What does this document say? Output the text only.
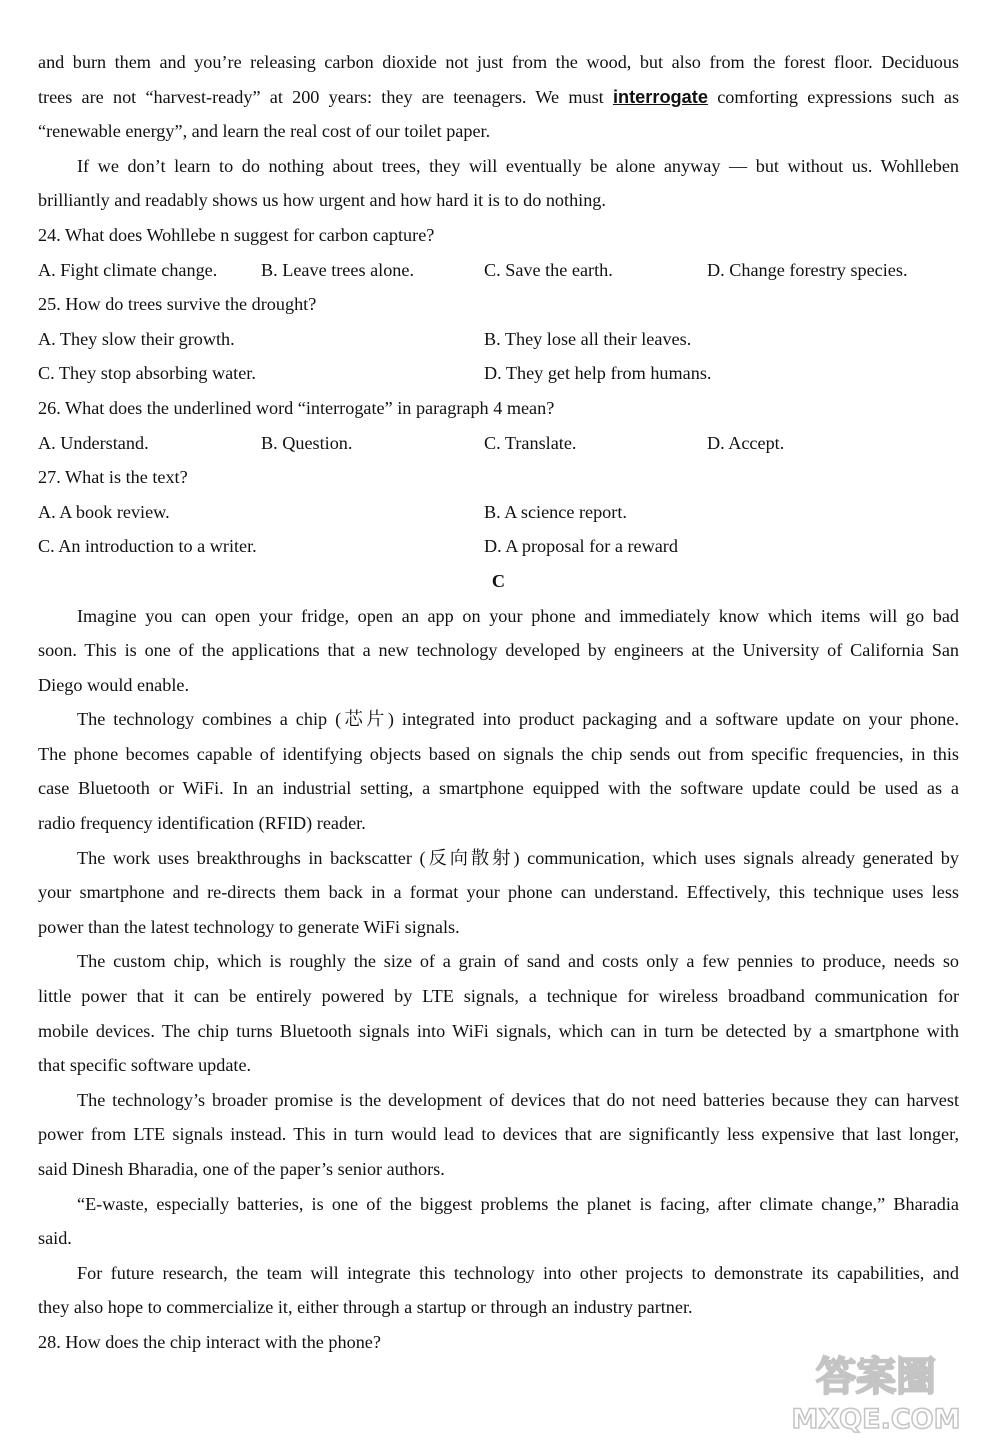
and burn them and you’re releasing carbon dioxide not just from the wood, but also from the forest floor. Deciduous
trees are not “harvest-ready” at 200 years: they are teenagers. We must interrogate comforting expressions such as
“renewable energy”, and learn the real cost of our toilet paper.
If we don’t learn to do nothing about trees, they will eventually be alone anyway — but without us. Wohlleben
brilliantly and readably shows us how urgent and how hard it is to do nothing.
24. What does Wohllebe n suggest for carbon capture?
A. Fight climate change.	B. Leave trees alone.	C. Save the earth.	D. Change forestry species.
25. How do trees survive the drought?
A. They slow their growth.	B. They lose all their leaves.
C. They stop absorbing water.	D. They get help from humans.
26. What does the underlined word “interrogate” in paragraph 4 mean?
A. Understand.	B. Question.	C. Translate.	D. Accept.
27. What is the text?
A. A book review.	B. A science report.
C. An introduction to a writer.	D. A proposal for a reward
C
Imagine you can open your fridge, open an app on your phone and immediately know which items will go bad
soon. This is one of the applications that a new technology developed by engineers at the University of California San
Diego would enable.
The technology combines a chip (芯片) integrated into product packaging and a software update on your phone.
The phone becomes capable of identifying objects based on signals the chip sends out from specific frequencies, in this
case Bluetooth or WiFi. In an industrial setting, a smartphone equipped with the software update could be used as a
radio frequency identification (RFID) reader.
The work uses breakthroughs in backscatter (反向散射) communication, which uses signals already generated by
your smartphone and re-directs them back in a format your phone can understand. Effectively, this technique uses less
power than the latest technology to generate WiFi signals.
The custom chip, which is roughly the size of a grain of sand and costs only a few pennies to produce, needs so
little power that it can be entirely powered by LTE signals, a technique for wireless broadband communication for
mobile devices. The chip turns Bluetooth signals into WiFi signals, which can in turn be detected by a smartphone with
that specific software update.
The technology’s broader promise is the development of devices that do not need batteries because they can harvest
power from LTE signals instead. This in turn would lead to devices that are significantly less expensive that last longer,
said Dinesh Bharadia, one of the paper’s senior authors.
“E-waste, especially batteries, is one of the biggest problems the planet is facing, after climate change,” Bharadia
said.
For future research, the team will integrate this technology into other projects to demonstrate its capabilities, and
they also hope to commercialize it, either through a startup or through an industry partner.
28. How does the chip interact with the phone?
答案圈
MXQE.COM
